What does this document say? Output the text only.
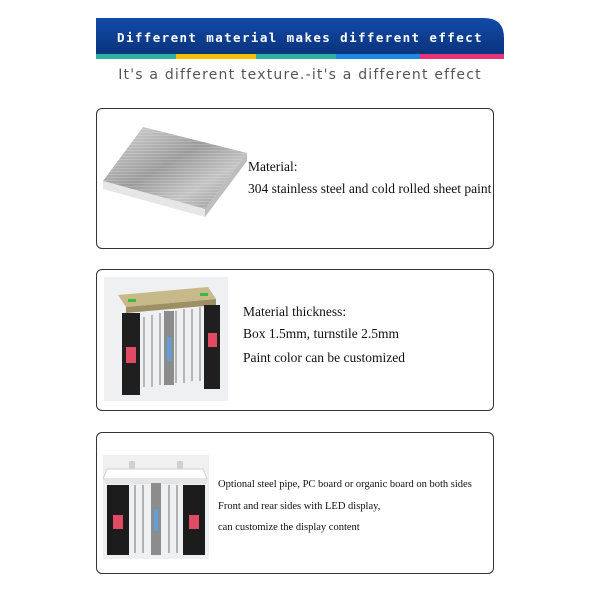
Different material makes different effect
It's a different texture.-it's a different effect
Material:
304 stainless steel and cold rolled sheet paint
Material thickness:
Box 1.5mm, turnstile 2.5mm
Paint color can be customized
Optional steel pipe, PC board or organic board on both sides
Front and rear sides with LED display,
can customize the display content
